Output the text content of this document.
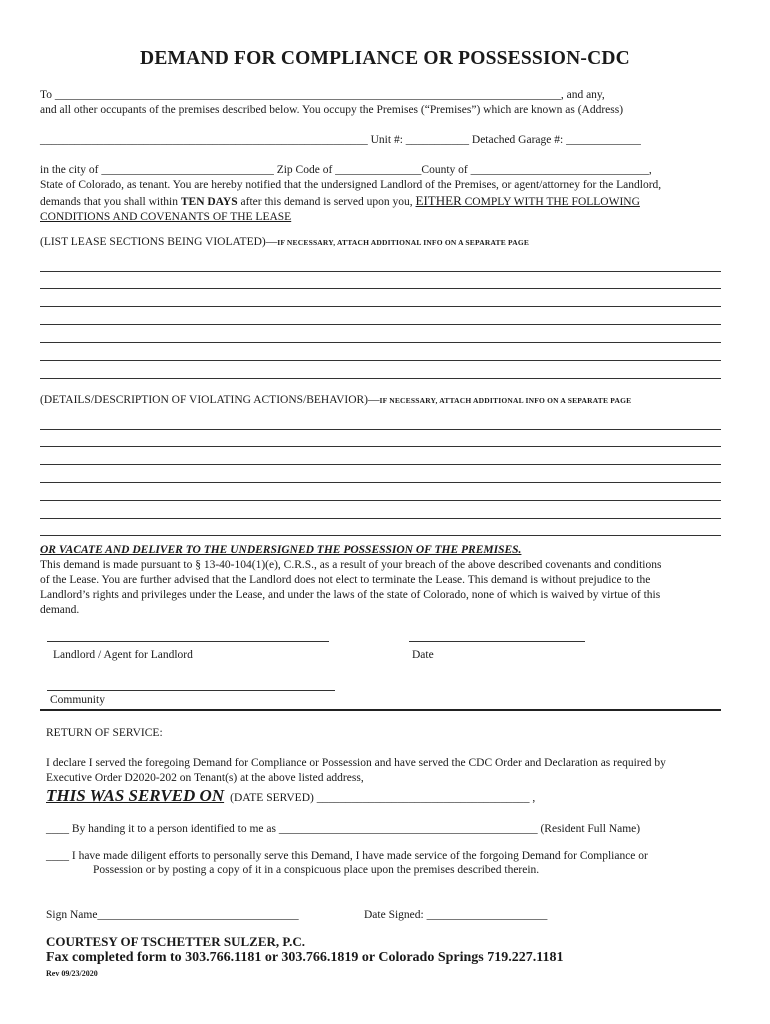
DEMAND FOR COMPLIANCE OR POSSESSION-CDC
To ________________________________________________________________________________________, and any,
and all other occupants of the premises described below. You occupy the Premises (“Premises”) which are known as (Address)
_________________________________________________________ Unit #: ___________ Detached Garage #: _____________
in the city of ______________________________ Zip Code of _______________County of _______________________________,
State of Colorado, as tenant. You are hereby notified that the undersigned Landlord of the Premises, or agent/attorney for the Landlord,
demands that you shall within TEN DAYS after this demand is served upon you, EITHER COMPLY WITH THE FOLLOWING
CONDITIONS AND COVENANTS OF THE LEASE
(LIST LEASE SECTIONS BEING VIOLATED)—IF NECESSARY, ATTACH ADDITIONAL INFO ON A SEPARATE PAGE
(DETAILS/DESCRIPTION OF VIOLATING ACTIONS/BEHAVIOR)—IF NECESSARY, ATTACH ADDITIONAL INFO ON A SEPARATE PAGE
OR VACATE AND DELIVER TO THE UNDERSIGNED THE POSSESSION OF THE PREMISES.
This demand is made pursuant to § 13-40-104(1)(e), C.R.S., as a result of your breach of the above described covenants and conditions
of the Lease. You are further advised that the Landlord does not elect to terminate the Lease. This demand is without prejudice to the
Landlord’s rights and privileges under the Lease, and under the laws of the state of Colorado, none of which is waived by virtue of this
demand.
Landlord / Agent for Landlord	Date
Community
RETURN OF SERVICE:
I declare I served the foregoing Demand for Compliance or Possession and have served the CDC Order and Declaration as required by
Executive Order D2020-202 on Tenant(s) at the above listed address,
THIS WAS SERVED ON (DATE SERVED) _____________________________________ ,
____ By handing it to a person identified to me as _____________________________________________ (Resident Full Name)
____ I have made diligent efforts to personally serve this Demand, I have made service of the forgoing Demand for Compliance or
Possession or by posting a copy of it in a conspicuous place upon the premises described therein.
Sign Name___________________________________	Date Signed: _____________________
COURTESY OF TSCHETTER SULZER, P.C.
Fax completed form to 303.766.1181 or 303.766.1819 or Colorado Springs 719.227.1181
Rev 09/23/2020
